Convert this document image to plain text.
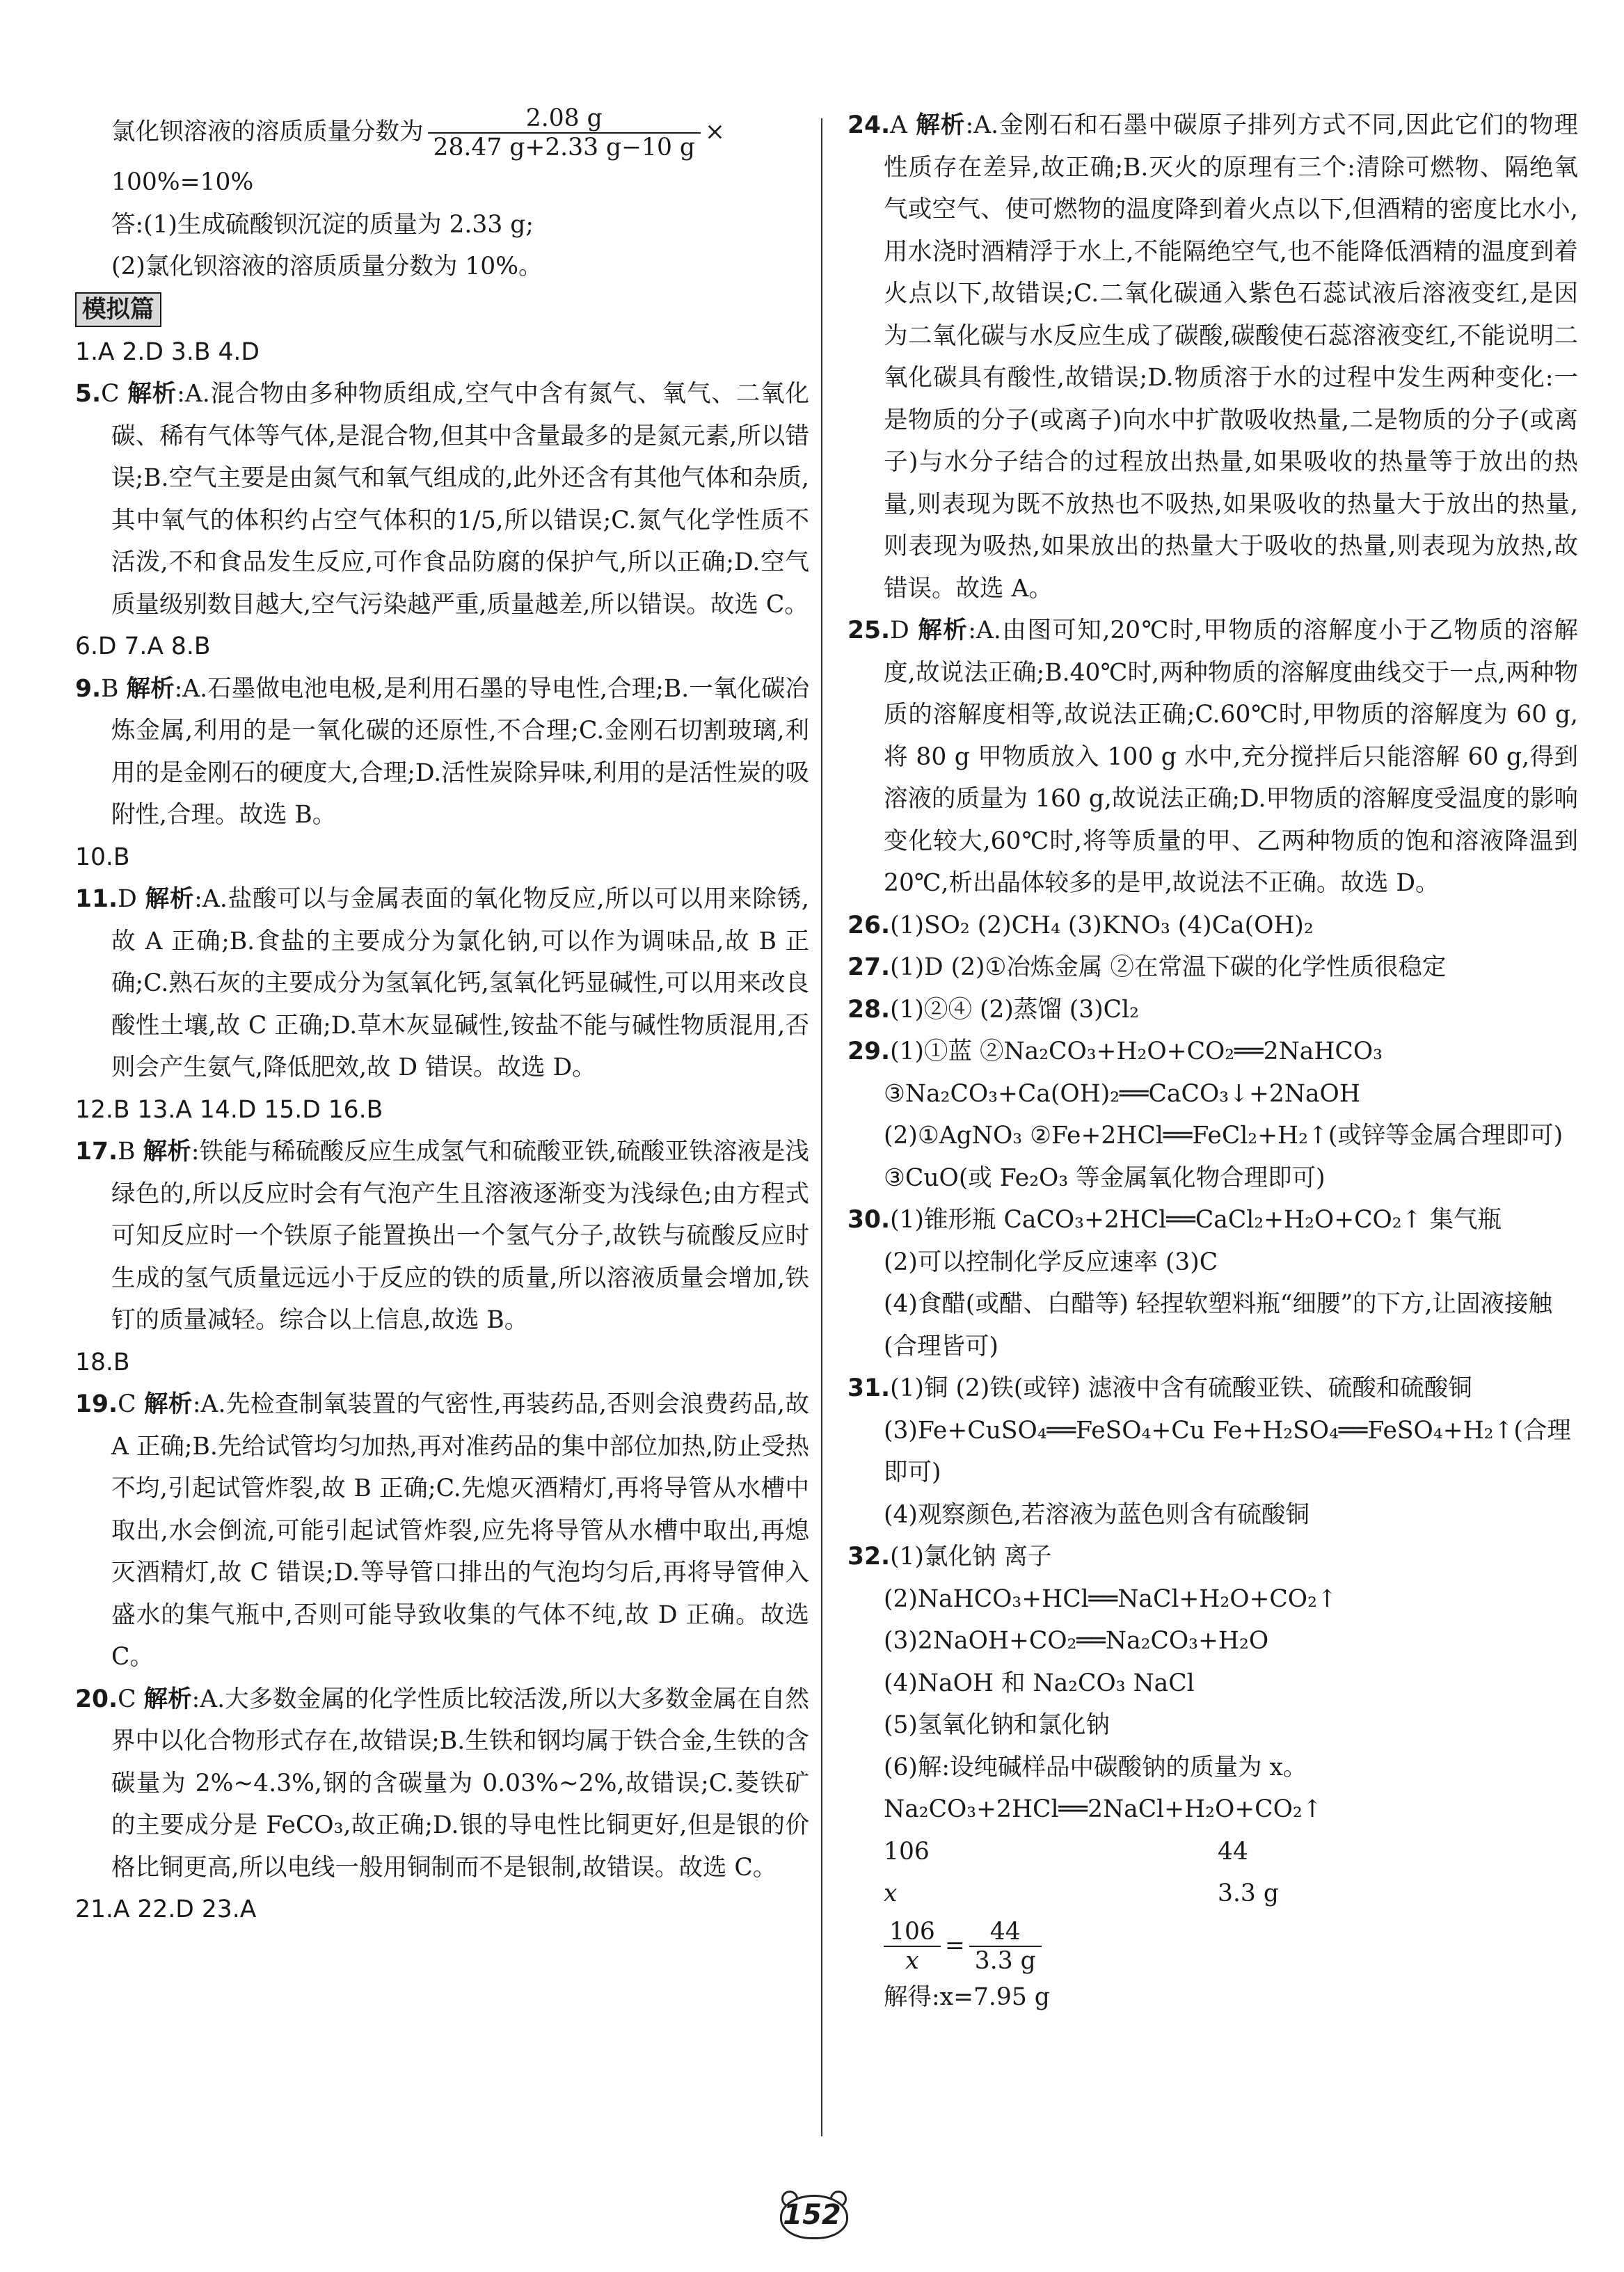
氯化钡溶液的溶质质量分数为 $\frac{2.08 g}{28.47 g+2.33 g-10 g}$ ×

100%=10%

答:(1)生成硫酸钡沉淀的质量为 2.33 g;

(2)氯化钡溶液的溶质质量分数为 10%。

模拟篇

1.A 2.D 3.B 4.D

5.C 解析:A.混合物由多种物质组成,空气中含有氮气、氧气、二氧化碳、稀有气体等气体,是混合物,但其中含量最多的是氮元素,所以错误;B.空气主要是由氮气和氧气组成的,此外还含有其他气体和杂质,其中氧气的体积约占空气体积的1/5,所以错误;C.氮气化学性质不活泼,不和食品发生反应,可作食品防腐的保护气,所以正确;D.空气质量级别数目越大,空气污染越严重,质量越差,所以错误。故选 C。

6.D 7.A 8.B

9.B 解析:A.石墨做电池电极,是利用石墨的导电性,合理;B.一氧化碳冶炼金属,利用的是一氧化碳的还原性,不合理;C.金刚石切割玻璃,利用的是金刚石的硬度大,合理;D.活性炭除异味,利用的是活性炭的吸附性,合理。故选 B。

10.B

11.D 解析:A.盐酸可以与金属表面的氧化物反应,所以可以用来除锈,故 A 正确;B.食盐的主要成分为氯化钠,可以作为调味品,故 B 正确;C.熟石灰的主要成分为氢氧化钙,氢氧化钙显碱性,可以用来改良酸性土壤,故 C 正确;D.草木灰显碱性,铵盐不能与碱性物质混用,否则会产生氨气,降低肥效,故 D 错误。故选 D。

12.B 13.A 14.D 15.D 16.B

17.B 解析:铁能与稀硫酸反应生成氢气和硫酸亚铁,硫酸亚铁溶液是浅绿色的,所以反应时会有气泡产生且溶液逐渐变为浅绿色;由方程式可知反应时一个铁原子能置换出一个氢气分子,故铁与硫酸反应时生成的氢气质量远远小于反应的铁的质量,所以溶液质量会增加,铁钉的质量减轻。综合以上信息,故选 B。

18.B

19.C 解析:A.先检查制氧装置的气密性,再装药品,否则会浪费药品,故 A 正确;B.先给试管均匀加热,再对准药品的集中部位加热,防止受热不均,引起试管炸裂,故 B 正确;C.先熄灭酒精灯,再将导管从水槽中取出,水会倒流,可能引起试管炸裂,应先将导管从水槽中取出,再熄灭酒精灯,故 C 错误;D.等导管口排出的气泡均匀后,再将导管伸入盛水的集气瓶中,否则可能导致收集的气体不纯,故 D 正确。故选 C。

20.C 解析:A.大多数金属的化学性质比较活泼,所以大多数金属在自然界中以化合物形式存在,故错误;B.生铁和钢均属于铁合金,生铁的含碳量为 2%~4.3%,钢的含碳量为 0.03%~2%,故错误;C.菱铁矿的主要成分是 FeCO₃,故正确;D.银的导电性比铜更好,但是银的价格比铜更高,所以电线一般用铜制而不是银制,故错误。故选 C。

21.A 22.D 23.A

24.A 解析:A.金刚石和石墨中碳原子排列方式不同,因此它们的物理性质存在差异,故正确;B.灭火的原理有三个:清除可燃物、隔绝氧气或空气、使可燃物的温度降到着火点以下,但酒精的密度比水小,用水浇时酒精浮于水上,不能隔绝空气,也不能降低酒精的温度到着火点以下,故错误;C.二氧化碳通入紫色石蕊试液后溶液变红,是因为二氧化碳与水反应生成了碳酸,碳酸使石蕊溶液变红,不能说明二氧化碳具有酸性,故错误;D.物质溶于水的过程中发生两种变化:一是物质的分子(或离子)向水中扩散吸收热量,二是物质的分子(或离子)与水分子结合的过程放出热量,如果吸收的热量等于放出的热量,则表现为既不放热也不吸热,如果吸收的热量大于放出的热量,则表现为吸热,如果放出的热量大于吸收的热量,则表现为放热,故错误。故选 A。

25.D 解析:A.由图可知,20℃时,甲物质的溶解度小于乙物质的溶解度,故说法正确;B.40℃时,两种物质的溶解度曲线交于一点,两种物质的溶解度相等,故说法正确;C.60℃时,甲物质的溶解度为 60 g,将 80 g 甲物质放入 100 g 水中,充分搅拌后只能溶解 60 g,得到溶液的质量为 160 g,故说法正确;D.甲物质的溶解度受温度的影响变化较大,60℃时,将等质量的甲、乙两种物质的饱和溶液降温到 20℃,析出晶体较多的是甲,故说法不正确。故选 D。

26.(1)SO₂ (2)CH₄ (3)KNO₃ (4)Ca(OH)₂

27.(1)D (2)①冶炼金属 ②在常温下碳的化学性质很稳定

28.(1)②④ (2)蒸馏 (3)Cl₂

29.(1)①蓝 ②Na₂CO₃+H₂O+CO₂══2NaHCO₃

③Na₂CO₃+Ca(OH)₂══CaCO₃↓+2NaOH

(2)①AgNO₃ ②Fe+2HCl══FeCl₂+H₂↑(或锌等金属合理即可)

③CuO(或 Fe₂O₃ 等金属氧化物合理即可)

30.(1)锥形瓶 CaCO₃+2HCl══CaCl₂+H₂O+CO₂↑ 集气瓶

(2)可以控制化学反应速率 (3)C

(4)食醋(或醋、白醋等) 轻捏软塑料瓶“细腰”的下方,让固液接触(合理皆可)

31.(1)铜 (2)铁(或锌) 滤液中含有硫酸亚铁、硫酸和硫酸铜

(3)Fe+CuSO₄══FeSO₄+Cu Fe+H₂SO₄══FeSO₄+H₂↑(合理即可)

(4)观察颜色,若溶液为蓝色则含有硫酸铜

32.(1)氯化钠 离子

(2)NaHCO₃+HCl══NaCl+H₂O+CO₂↑

(3)2NaOH+CO₂══Na₂CO₃+H₂O

(4)NaOH 和 Na₂CO₃ NaCl

(5)氢氧化钠和氯化钠

(6)解:设纯碱样品中碳酸钠的质量为 x。

Na₂CO₃+2HCl══2NaCl+H₂O+CO₂↑

106	44

x	3.3 g

$\frac{106}{x} = \frac{44}{3.3 g}$

解得:x=7.95 g

152
